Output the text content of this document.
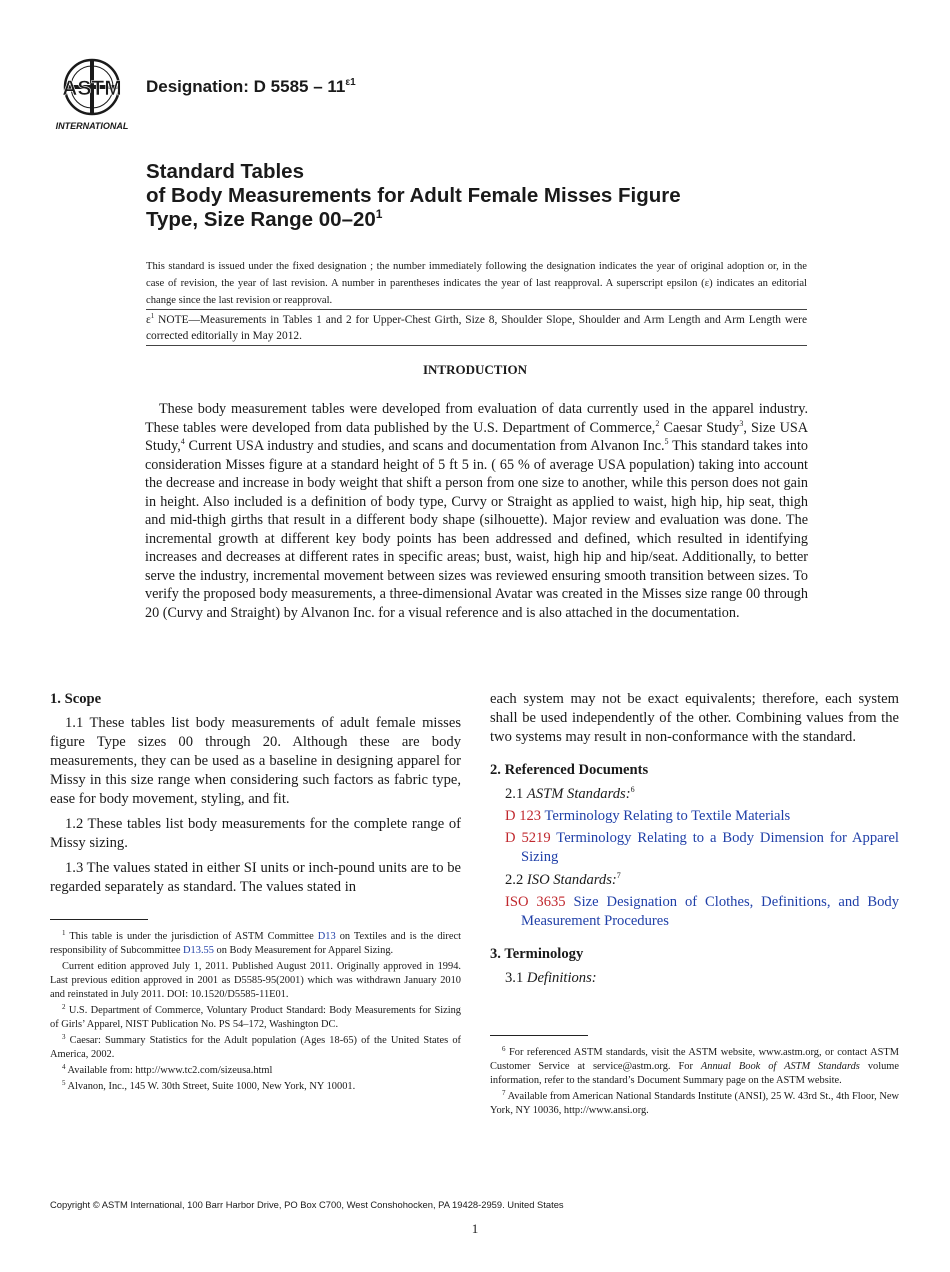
ASTM
INTERNATIONAL
Designation: D $5585 - 11^{\varepsilon 1}$
Standard Tables
of Body Measurements for Adult Female Misses Figure
Type, Size Range $00-20^1$
This standard is issued under the fixed designation ; the number immediately following the designation indicates the year of original adoption or, in the case of revision, the year of last revision. A number in parentheses indicates the year of last reapproval. A superscript epsilon (ε) indicates an editorial change since the last revision or reapproval.
$\varepsilon^1$ NOTE—Measurements in Tables 1 and 2 for Upper-Chest Girth, Size 8, Shoulder Slope, Shoulder and Arm Length and Arm Length were corrected editorially in May 2012.
INTRODUCTION
These body measurement tables were developed from evaluation of data currently used in the apparel industry. These tables were developed from data published by the U.S. Department of Commerce,$^2$ Caesar Study$^3$, Size USA Study,$^4$ Current USA industry and studies, and scans and documentation from Alvanon Inc.$^5$ This standard takes into consideration Misses figure at a standard height of 5 ft 5 in. ( 65 % of average USA population) taking into account the decrease and increase in body weight that shift a person from one size to another, while this person does not gain in height. Also included is a definition of body type, Curvy or Straight as applied to waist, high hip, hip seat, thigh and mid-thigh girths that result in a different body shape (silhouette). Major review and evaluation was done. The incremental growth at different key body points has been addressed and defined, which resulted in identifying increases and decreases at different rates in specific areas; bust, waist, high hip and hip/seat. Additionally, to better serve the industry, incremental movement between sizes was reviewed ensuring smooth transition between sizes. To verify the proposed body measurements, a three-dimensional Avatar was created in the Misses size range 00 through 20 (Curvy and Straight) by Alvanon Inc. for a visual reference and is also attached in the documentation.
1. Scope

1.1 These tables list body measurements of adult female misses figure Type sizes 00 through 20. Although these are body measurements, they can be used as a baseline in designing apparel for Missy in this size range when considering such factors as fabric type, ease for body movement, styling, and fit.

1.2 These tables list body measurements for the complete range of Missy sizing.

1.3 The values stated in either SI units or inch-pound units are to be regarded separately as standard. The values stated in

$^1$ This table is under the jurisdiction of ASTM Committee D13 on Textiles and is the direct responsibility of Subcommittee D13.55 on Body Measurement for Apparel Sizing.

Current edition approved July 1, 2011. Published August 2011. Originally approved in 1994. Last previous edition approved in 2001 as D5585-95(2001) which was withdrawn January 2010 and reinstated in July 2011. DOI: 10.1520/D5585-11E01.

$^2$ U.S. Department of Commerce, Voluntary Product Standard: Body Measurements for Sizing of Girls’ Apparel, NIST Publication No. PS 54–172, Washington DC.

$^3$ Caesar: Summary Statistics for the Adult population (Ages 18-65) of the United States of America, 2002.

$^4$ Available from: http://www.tc2.com/sizeusa.html

$^5$ Alvanon, Inc., 145 W. 30th Street, Suite 1000, New York, NY 10001.

each system may not be exact equivalents; therefore, each system shall be used independently of the other. Combining values from the two systems may result in non-conformance with the standard.

2. Referenced Documents
2.1 ASTM Standards:$^6$
D 123 Terminology Relating to Textile Materials
D 5219 Terminology Relating to a Body Dimension for Apparel Sizing
2.2 ISO Standards:$^7$
ISO 3635 Size Designation of Clothes, Definitions, and Body Measurement Procedures
3. Terminology
3.1 Definitions:

$^6$ For referenced ASTM standards, visit the ASTM website, www.astm.org, or contact ASTM Customer Service at service@astm.org. For Annual Book of ASTM Standards volume information, refer to the standard’s Document Summary page on the ASTM website.

$^7$ Available from American National Standards Institute (ANSI), 25 W. 43rd St., 4th Floor, New York, NY 10036, http://www.ansi.org.

Copyright © ASTM International, 100 Barr Harbor Drive, PO Box C700, West Conshohocken, PA 19428-2959. United States
1
